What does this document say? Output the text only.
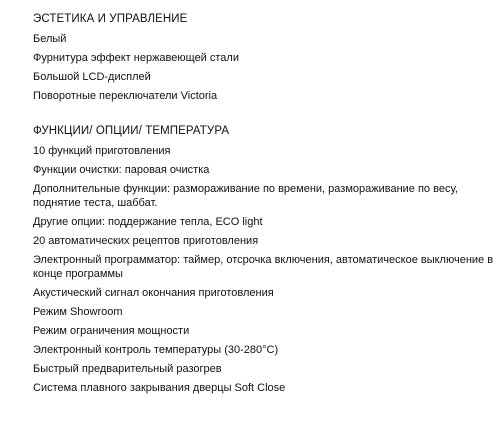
ЭСТЕТИКА И УПРАВЛЕНИЕ
Белый
Фурнитура эффект нержавеющей стали
Большой LCD-дисплей
Поворотные переключатели Victoria
ФУНКЦИИ/ ОПЦИИ/ ТЕМПЕРАТУРА
10 функций приготовления
Функции очистки: паровая очистка
Дополнительные функции: размораживание по времени, размораживание по весу, поднятие теста, шаббат.
Другие опции: поддержание тепла, ECO light
20 автоматических рецептов приготовления
Электронный программатор: таймер, отсрочка включения, автоматическое выключение в конце программы
Акустический сигнал окончания приготовления
Режим Showroom
Режим ограничения мощности
Электронный контроль температуры (30-280°C)
Быстрый предварительный разогрев
Система плавного закрывания дверцы Soft Close
